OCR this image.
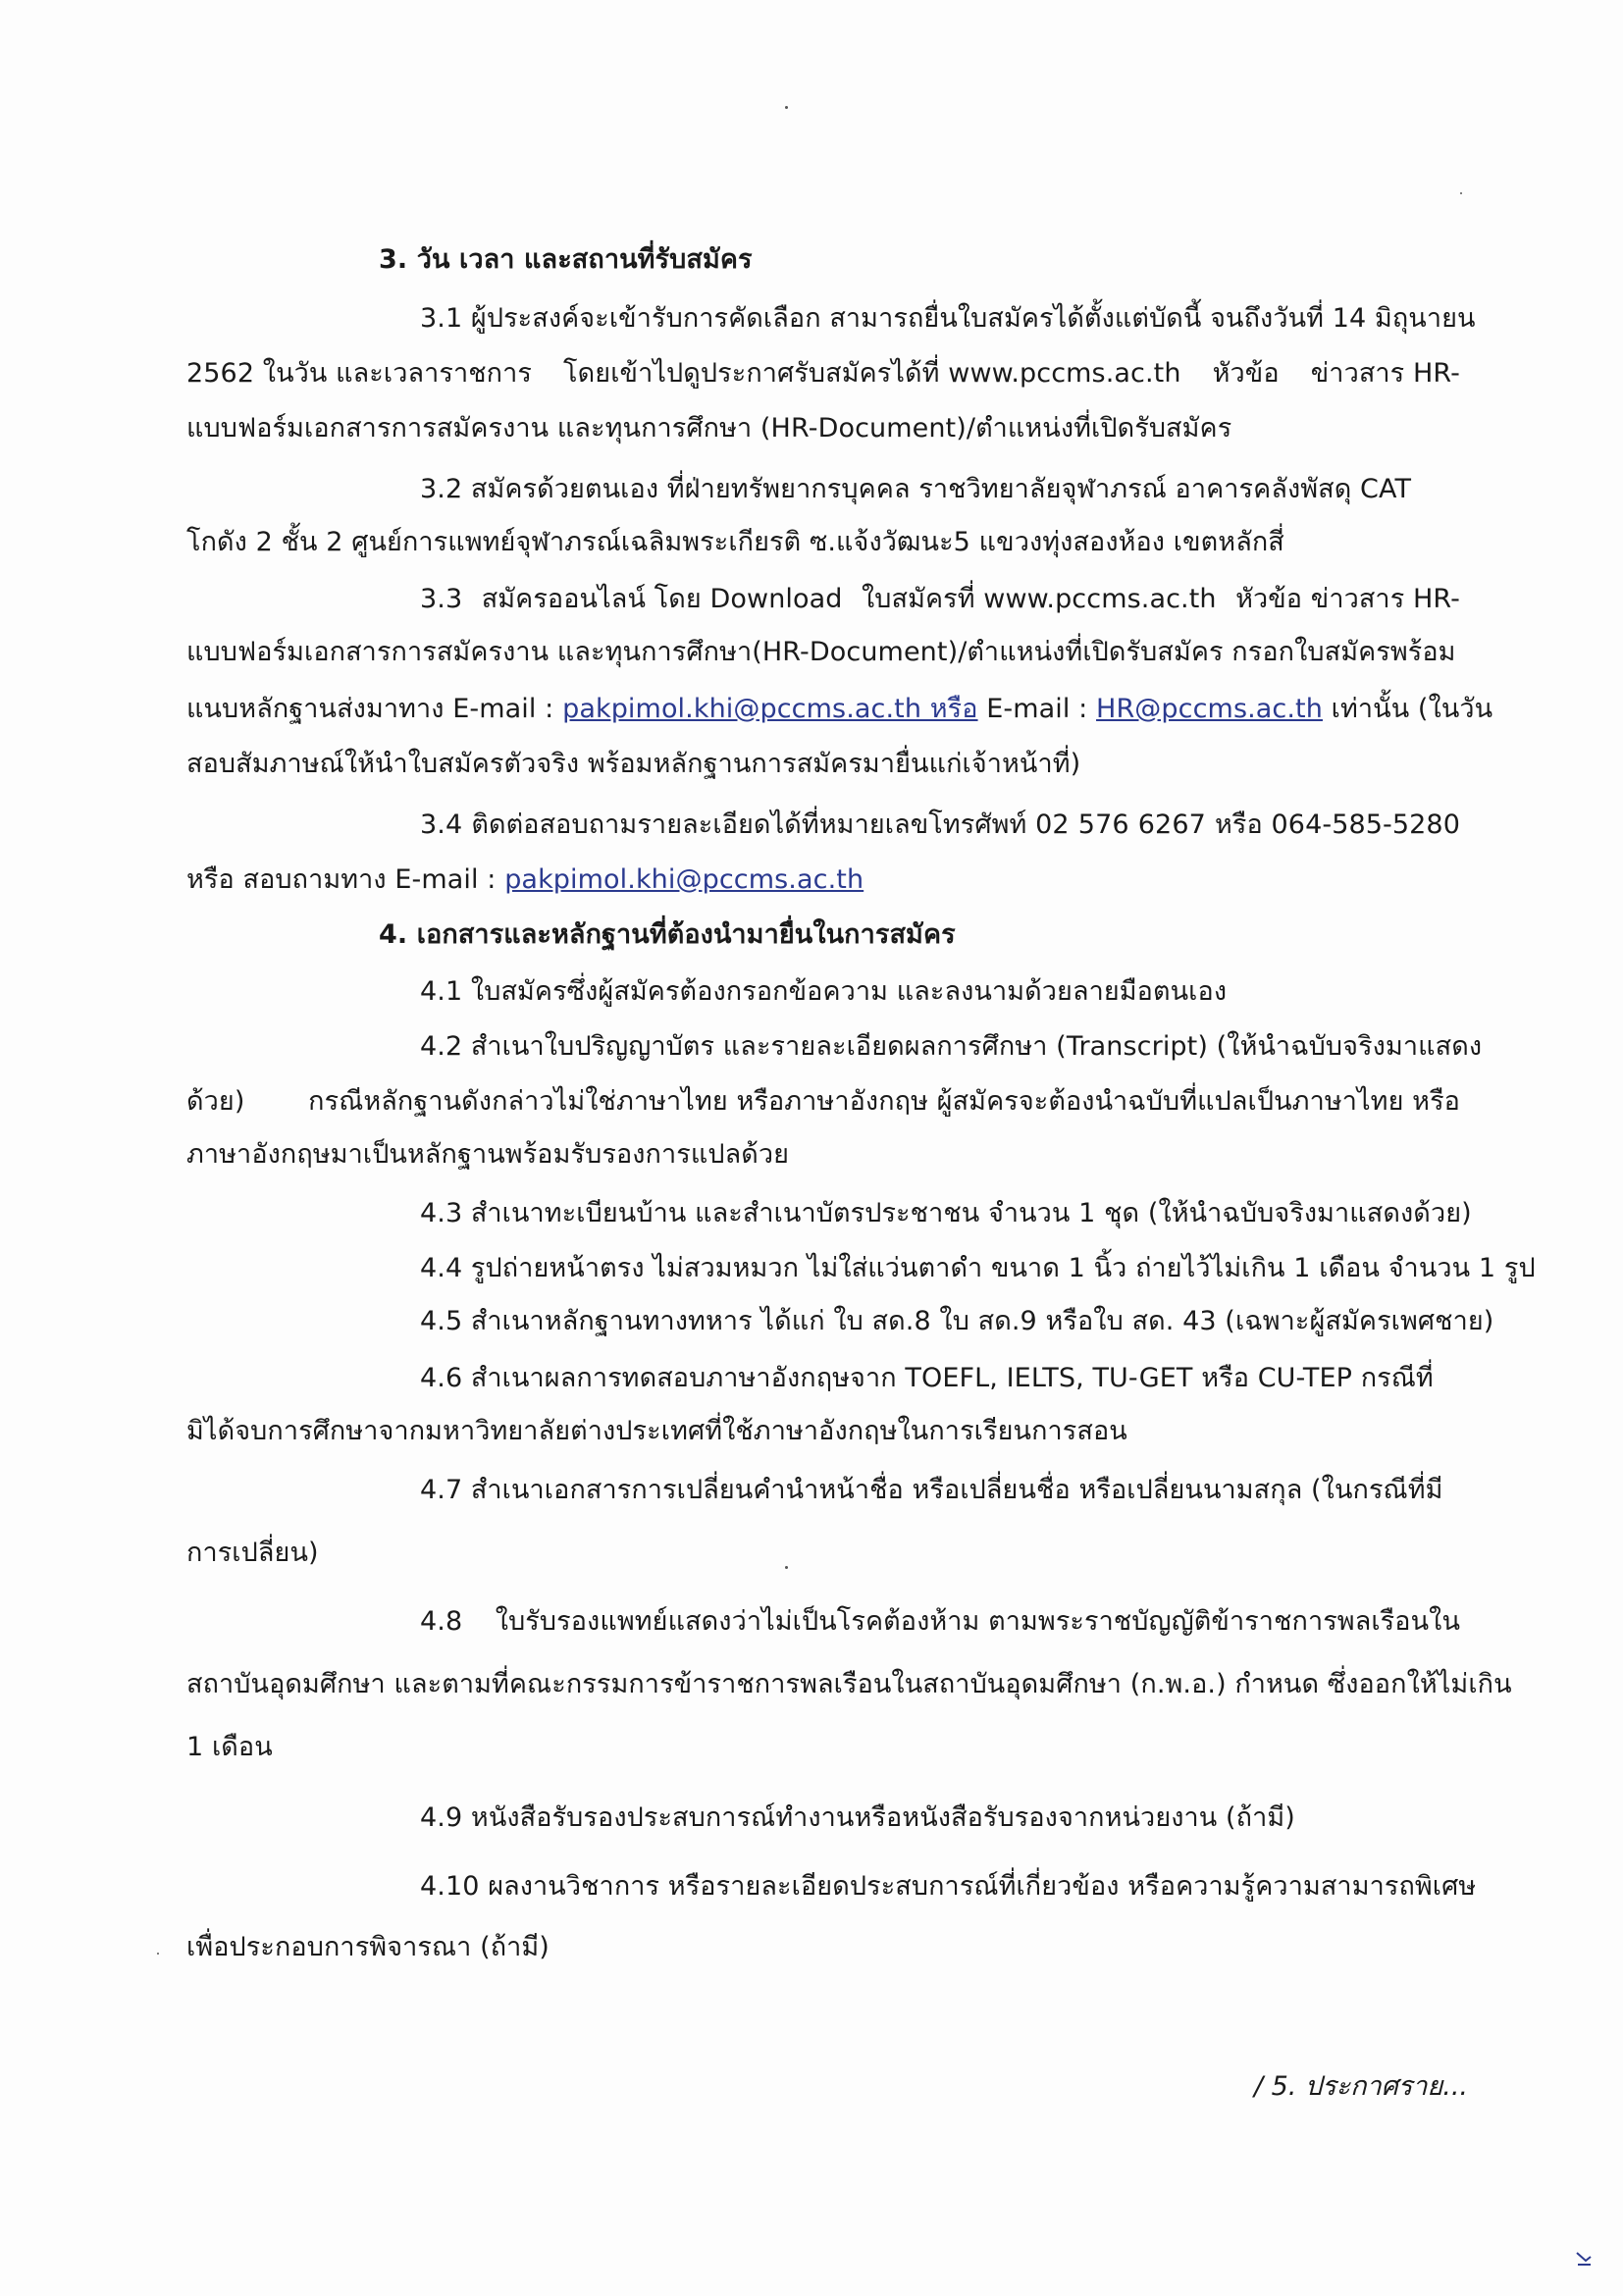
3. วัน เวลา และสถานที่รับสมัคร
3.1 ผู้ประสงค์จะเข้ารับการคัดเลือก สามารถยื่นใบสมัครได้ตั้งแต่บัดนี้ จนถึงวันที่ 14 มิถุนายน
2562 ในวัน และเวลาราชการ โดยเข้าไปดูประกาศรับสมัครได้ที่ www.pccms.ac.th หัวข้อ ข่าวสาร HR-
แบบฟอร์มเอกสารการสมัครงาน และทุนการศึกษา (HR-Document)/ตำแหน่งที่เปิดรับสมัคร
3.2 สมัครด้วยตนเอง ที่ฝ่ายทรัพยากรบุคคล ราชวิทยาลัยจุฬาภรณ์ อาคารคลังพัสดุ CAT
โกดัง 2 ชั้น 2 ศูนย์การแพทย์จุฬาภรณ์เฉลิมพระเกียรติ ซ.แจ้งวัฒนะ5 แขวงทุ่งสองห้อง เขตหลักสี่
3.3 สมัครออนไลน์ โดย Download ใบสมัครที่ www.pccms.ac.th หัวข้อ ข่าวสาร HR-
แบบฟอร์มเอกสารการสมัครงาน และทุนการศึกษา(HR-Document)/ตำแหน่งที่เปิดรับสมัคร กรอกใบสมัครพร้อม
แนบหลักฐานส่งมาทาง E-mail : pakpimol.khi@pccms.ac.th หรือ E-mail : HR@pccms.ac.th เท่านั้น (ในวัน
สอบสัมภาษณ์ให้นำใบสมัครตัวจริง พร้อมหลักฐานการสมัครมายื่นแก่เจ้าหน้าที่)
3.4 ติดต่อสอบถามรายละเอียดได้ที่หมายเลขโทรศัพท์ 02 576 6267 หรือ 064-585-5280
หรือ สอบถามทาง E-mail : pakpimol.khi@pccms.ac.th
4. เอกสารและหลักฐานที่ต้องนำมายื่นในการสมัคร
4.1 ใบสมัครซึ่งผู้สมัครต้องกรอกข้อความ และลงนามด้วยลายมือตนเอง
4.2 สำเนาใบปริญญาบัตร และรายละเอียดผลการศึกษา (Transcript) (ให้นำฉบับจริงมาแสดง
ด้วย) กรณีหลักฐานดังกล่าวไม่ใช่ภาษาไทย หรือภาษาอังกฤษ ผู้สมัครจะต้องนำฉบับที่แปลเป็นภาษาไทย หรือ
ภาษาอังกฤษมาเป็นหลักฐานพร้อมรับรองการแปลด้วย
4.3 สำเนาทะเบียนบ้าน และสำเนาบัตรประชาชน จำนวน 1 ชุด (ให้นำฉบับจริงมาแสดงด้วย)
4.4 รูปถ่ายหน้าตรง ไม่สวมหมวก ไม่ใส่แว่นตาดำ ขนาด 1 นิ้ว ถ่ายไว้ไม่เกิน 1 เดือน จำนวน 1 รูป
4.5 สำเนาหลักฐานทางทหาร ได้แก่ ใบ สด.8 ใบ สด.9 หรือใบ สด. 43 (เฉพาะผู้สมัครเพศชาย)
4.6 สำเนาผลการทดสอบภาษาอังกฤษจาก TOEFL, IELTS, TU-GET หรือ CU-TEP กรณีที่
มิได้จบการศึกษาจากมหาวิทยาลัยต่างประเทศที่ใช้ภาษาอังกฤษในการเรียนการสอน
4.7 สำเนาเอกสารการเปลี่ยนคำนำหน้าชื่อ หรือเปลี่ยนชื่อ หรือเปลี่ยนนามสกุล (ในกรณีที่มี
การเปลี่ยน)
4.8 ใบรับรองแพทย์แสดงว่าไม่เป็นโรคต้องห้าม ตามพระราชบัญญัติข้าราชการพลเรือนใน
สถาบันอุดมศึกษา และตามที่คณะกรรมการข้าราชการพลเรือนในสถาบันอุดมศึกษา (ก.พ.อ.) กำหนด ซึ่งออกให้ไม่เกิน
1 เดือน
4.9 หนังสือรับรองประสบการณ์ทำงานหรือหนังสือรับรองจากหน่วยงาน (ถ้ามี)
4.10 ผลงานวิชาการ หรือรายละเอียดประสบการณ์ที่เกี่ยวข้อง หรือความรู้ความสามารถพิเศษ
เพื่อประกอบการพิจารณา (ถ้ามี)
/ 5. ประกาศราย...
